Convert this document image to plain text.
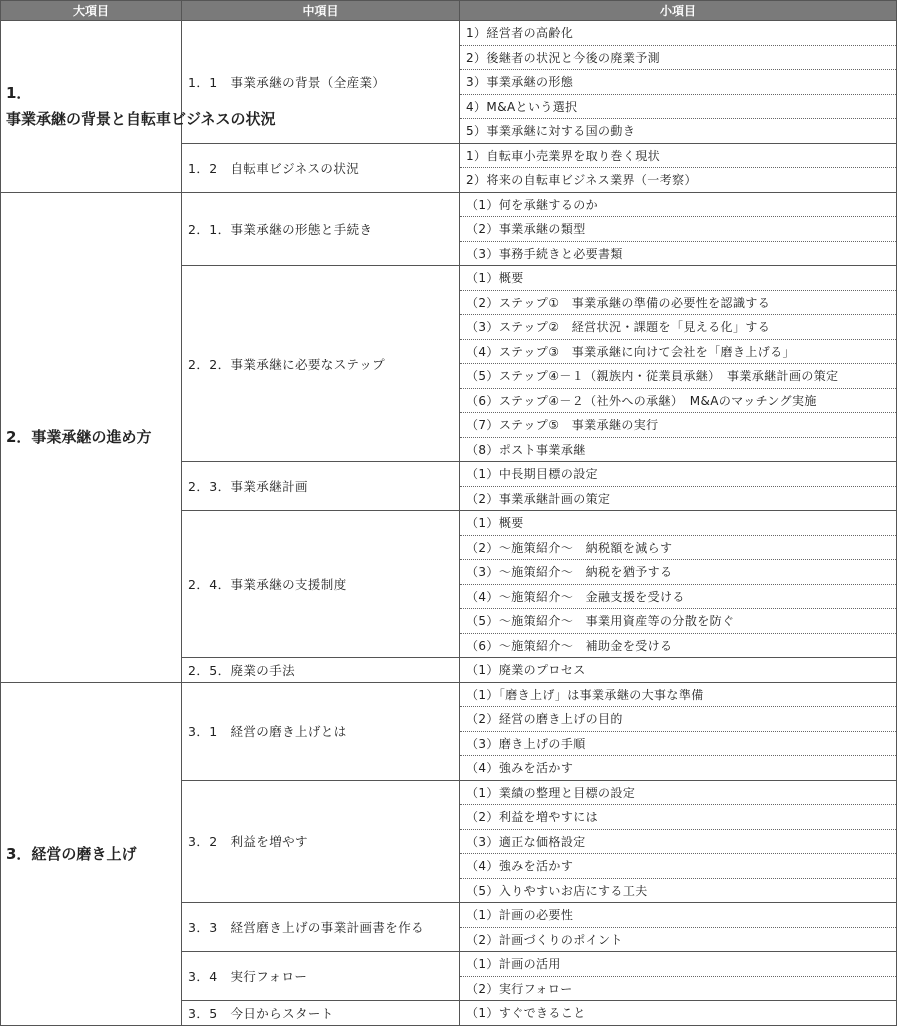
大項目	中項目	小項目
1．事業承継の背景と自転車ビジネスの状況	1．1　事業承継の背景（全産業）	1）経営者の高齢化
		2）後継者の状況と今後の廃業予測
		3）事業承継の形態
		4）M&Aという選択
		5）事業承継に対する国の動き
	1．2　自転車ビジネスの状況	1）自転車小売業界を取り巻く現状
		2）将来の自転車ビジネス業界（一考察）
2．事業承継の進め方	2．1．事業承継の形態と手続き	（1）何を承継するのか
		（2）事業承継の類型
		（3）事務手続きと必要書類
	2．2．事業承継に必要なステップ	（1）概要
		（2）ステップ①　事業承継の準備の必要性を認識する
		（3）ステップ②　経営状況・課題を「見える化」する
		（4）ステップ③　事業承継に向けて会社を「磨き上げる」
		（5）ステップ④－１（親族内・従業員承継）　事業承継計画の策定
		（6）ステップ④－２（社外への承継）　M&Aのマッチング実施
		（7）ステップ⑤　事業承継の実行
		（8）ポスト事業承継
	2．3．事業承継計画	（1）中長期目標の設定
		（2）事業承継計画の策定
	2．4．事業承継の支援制度	（1）概要
		（2）～施策紹介～　納税額を減らす
		（3）～施策紹介～　納税を猶予する
		（4）～施策紹介～　金融支援を受ける
		（5）～施策紹介～　事業用資産等の分散を防ぐ
		（6）～施策紹介～　補助金を受ける
	2．5．廃業の手法	（1）廃業のプロセス
3．経営の磨き上げ	3．1　経営の磨き上げとは	（1）「磨き上げ」は事業承継の大事な準備
		（2）経営の磨き上げの目的
		（3）磨き上げの手順
		（4）強みを活かす
	3．2　利益を増やす	（1）業績の整理と目標の設定
		（2）利益を増やすには
		（3）適正な価格設定
		（4）強みを活かす
		（5）入りやすいお店にする工夫
	3．3　経営磨き上げの事業計画書を作る	（1）計画の必要性
		（2）計画づくりのポイント
	3．4　実行フォロー	（1）計画の活用
		（2）実行フォロー
	3．5　今日からスタート	（1）すぐできること
